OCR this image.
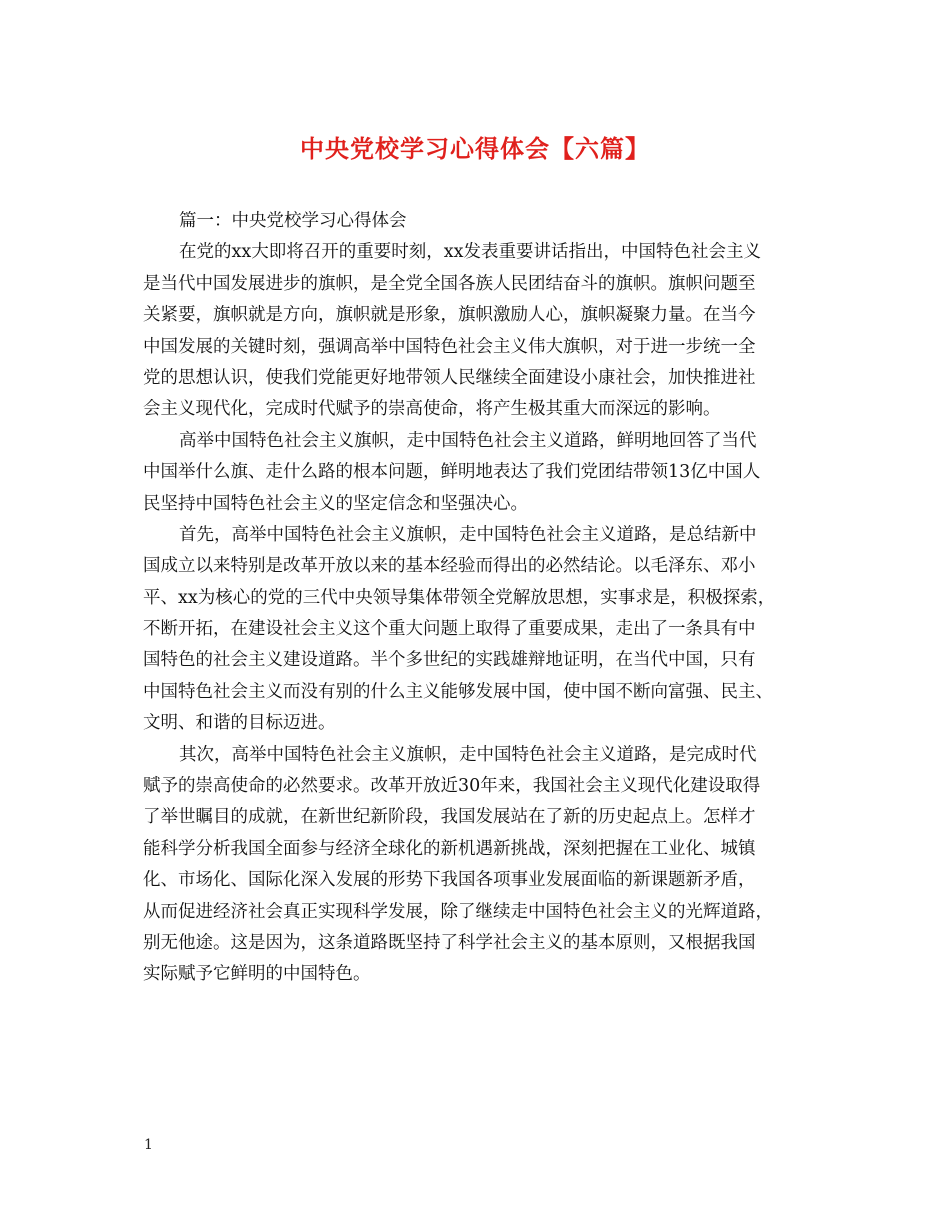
中央党校学习心得体会【六篇】
篇一：中央党校学习心得体会
在党的xx大即将召开的重要时刻，xx发表重要讲话指出，中国特色社会主义
是当代中国发展进步的旗帜，是全党全国各族人民团结奋斗的旗帜。旗帜问题至
关紧要，旗帜就是方向，旗帜就是形象，旗帜激励人心，旗帜凝聚力量。在当今
中国发展的关键时刻，强调高举中国特色社会主义伟大旗帜，对于进一步统一全
党的思想认识，使我们党能更好地带领人民继续全面建设小康社会，加快推进社
会主义现代化，完成时代赋予的崇高使命，将产生极其重大而深远的影响。
高举中国特色社会主义旗帜，走中国特色社会主义道路，鲜明地回答了当代
中国举什么旗、走什么路的根本问题，鲜明地表达了我们党团结带领13亿中国人
民坚持中国特色社会主义的坚定信念和坚强决心。
首先，高举中国特色社会主义旗帜，走中国特色社会主义道路，是总结新中
国成立以来特别是改革开放以来的基本经验而得出的必然结论。以毛泽东、邓小
平、xx为核心的党的三代中央领导集体带领全党解放思想，实事求是，积极探索，
不断开拓，在建设社会主义这个重大问题上取得了重要成果，走出了一条具有中
国特色的社会主义建设道路。半个多世纪的实践雄辩地证明，在当代中国，只有
中国特色社会主义而没有别的什么主义能够发展中国，使中国不断向富强、民主、
文明、和谐的目标迈进。
其次，高举中国特色社会主义旗帜，走中国特色社会主义道路，是完成时代
赋予的崇高使命的必然要求。改革开放近30年来，我国社会主义现代化建设取得
了举世瞩目的成就，在新世纪新阶段，我国发展站在了新的历史起点上。怎样才
能科学分析我国全面参与经济全球化的新机遇新挑战，深刻把握在工业化、城镇
化、市场化、国际化深入发展的形势下我国各项事业发展面临的新课题新矛盾，
从而促进经济社会真正实现科学发展，除了继续走中国特色社会主义的光辉道路，
别无他途。这是因为，这条道路既坚持了科学社会主义的基本原则，又根据我国
实际赋予它鲜明的中国特色。
1
